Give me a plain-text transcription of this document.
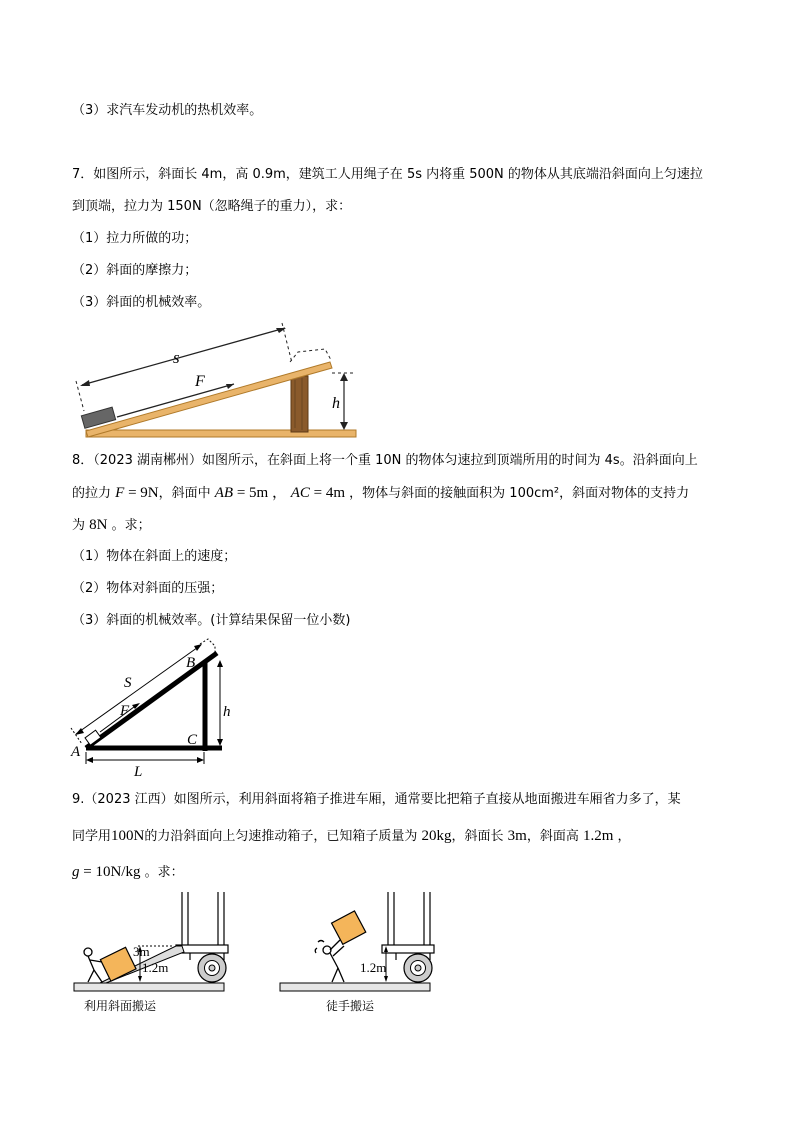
（3）求汽车发动机的热机效率。
7．如图所示，斜面长 4m，高 0.9m，建筑工人用绳子在 5s 内将重 500N 的物体从其底端沿斜面向上匀速拉
到顶端，拉力为 150N（忽略绳子的重力），求：
（1）拉力所做的功；
（2）斜面的摩擦力；
（3）斜面的机械效率。
F
s
h
8．（2023 湖南郴州）如图所示，在斜面上将一个重 10N 的物体匀速拉到顶端所用的时间为 4s。沿斜面向上
的拉力 F = 9N，斜面中 AB = 5m ， AC = 4m ，物体与斜面的接触面积为 100cm²，斜面对物体的支持力
为 8N 。求；
（1）物体在斜面上的速度；
（2）物体对斜面的压强；
（3）斜面的机械效率。(计算结果保留一位小数)
F
S
h
L
A
B
C
9.（2023 江西）如图所示，利用斜面将箱子推进车厢，通常要比把箱子直接从地面搬进车厢省力多了，某
同学用100N的力沿斜面向上匀速推动箱子，已知箱子质量为 20kg，斜面长 3m，斜面高 1.2m ，
g = 10N/kg 。求：
1.2m
3m
利用斜面搬运
1.2m
徒手搬运
